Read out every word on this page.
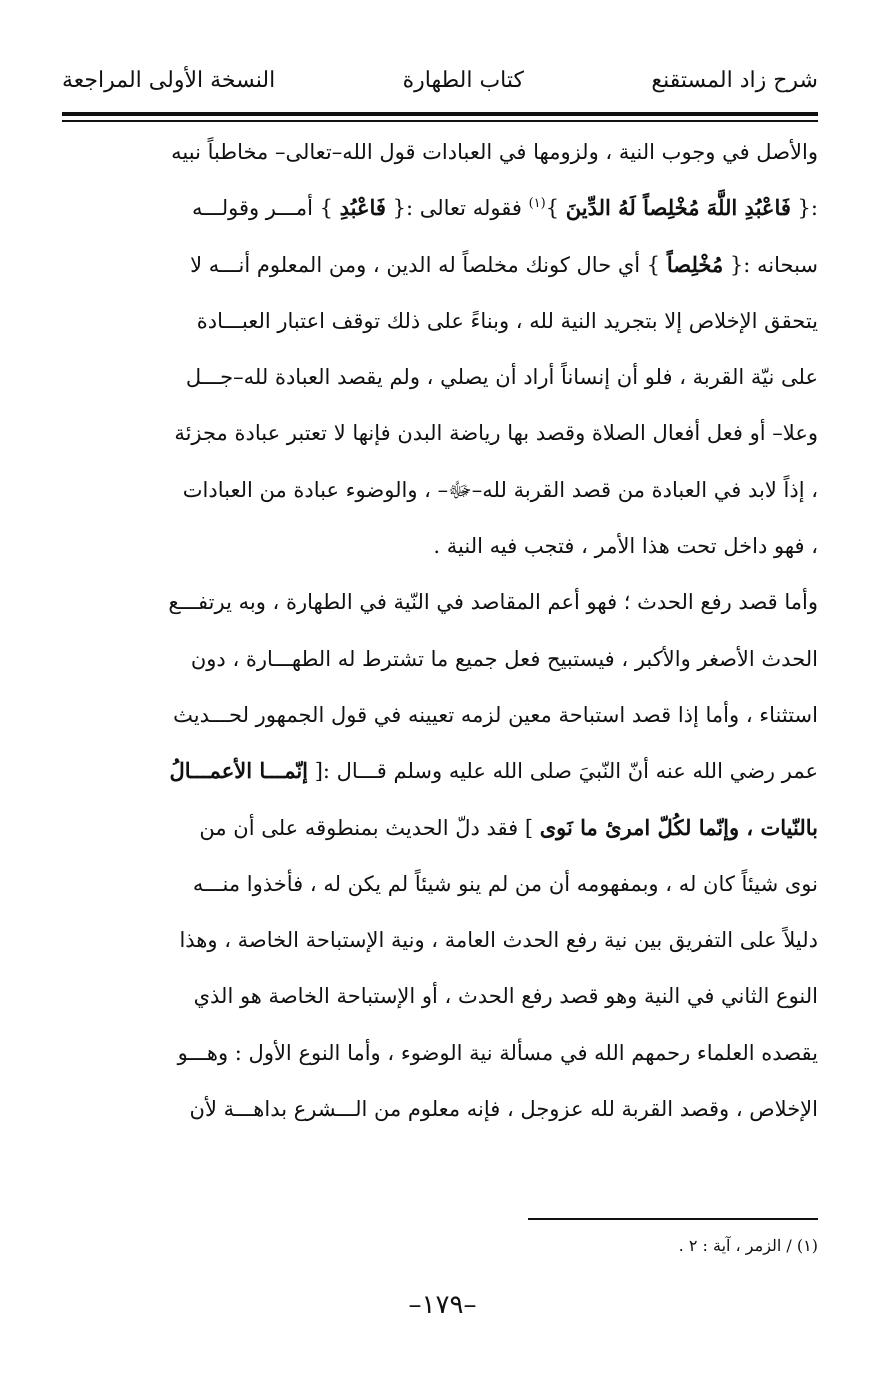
شرح زاد المستقنع
كتاب الطهارة
النسخة الأولى المراجعة

والأصل في وجوب النية ، ولزومها في العبادات قول الله–تعالى– مخاطباً نبيه

:{ فَاعْبُدِ اللَّهَ مُخْلِصاً لَهُ الدِّينَ }$^{(١)}$ فقوله تعالى :{ فَاعْبُدِ } أمـــر وقولـــه

سبحانه :{ مُخْلِصاً } أي حال كونك مخلصاً له الدين ، ومن المعلوم أنـــه لا

يتحقق الإخلاص إلا بتجريد النية لله ، وبناءً على ذلك توقف اعتبار العبـــادة

على نيّة القربة ، فلو أن إنساناً أراد أن يصلي ، ولم يقصد العبادة لله–جـــل

وعلا– أو فعل أفعال الصلاة وقصد بها رياضة البدن فإنها لا تعتبر عبادة مجزئة

، إذاً لابد في العبادة من قصد القربة لله–ﷻ– ، والوضوء عبادة من العبادات

، فهو داخل تحت هذا الأمر ، فتجب فيه النية .

وأما قصد رفع الحدث ؛ فهو أعم المقاصد في النّية في الطهارة ، وبه يرتفـــع

الحدث الأصغر والأكبر ، فيستبيح فعل جميع ما تشترط له الطهـــارة ، دون

استثناء ، وأما إذا قصد استباحة معين لزمه تعيينه في قول الجمهور لحـــديث

عمر رضي الله عنه أنّ النّبيَ صلى الله عليه وسلم قـــال :[ إنّمـــا الأعمـــالُ

بالنّيات ، وإنّما لكُلّ امرئ ما نَوى ] فقد دلّ الحديث بمنطوقه على أن من

نوى شيئاً كان له ، وبمفهومه أن من لم ينو شيئاً لم يكن له ، فأخذوا منـــه

دليلاً على التفريق بين نية رفع الحدث العامة ، ونية الإستباحة الخاصة ، وهذا

النوع الثاني في النية وهو قصد رفع الحدث ، أو الإستباحة الخاصة هو الذي

يقصده العلماء رحمهم الله في مسألة نية الوضوء ، وأما النوع الأول : وهـــو

الإخلاص ، وقصد القربة لله عزوجل ، فإنه معلوم من الـــشرع بداهـــة لأن

(١) / الزمر ، آية : ٢ .
–١٧٩–
